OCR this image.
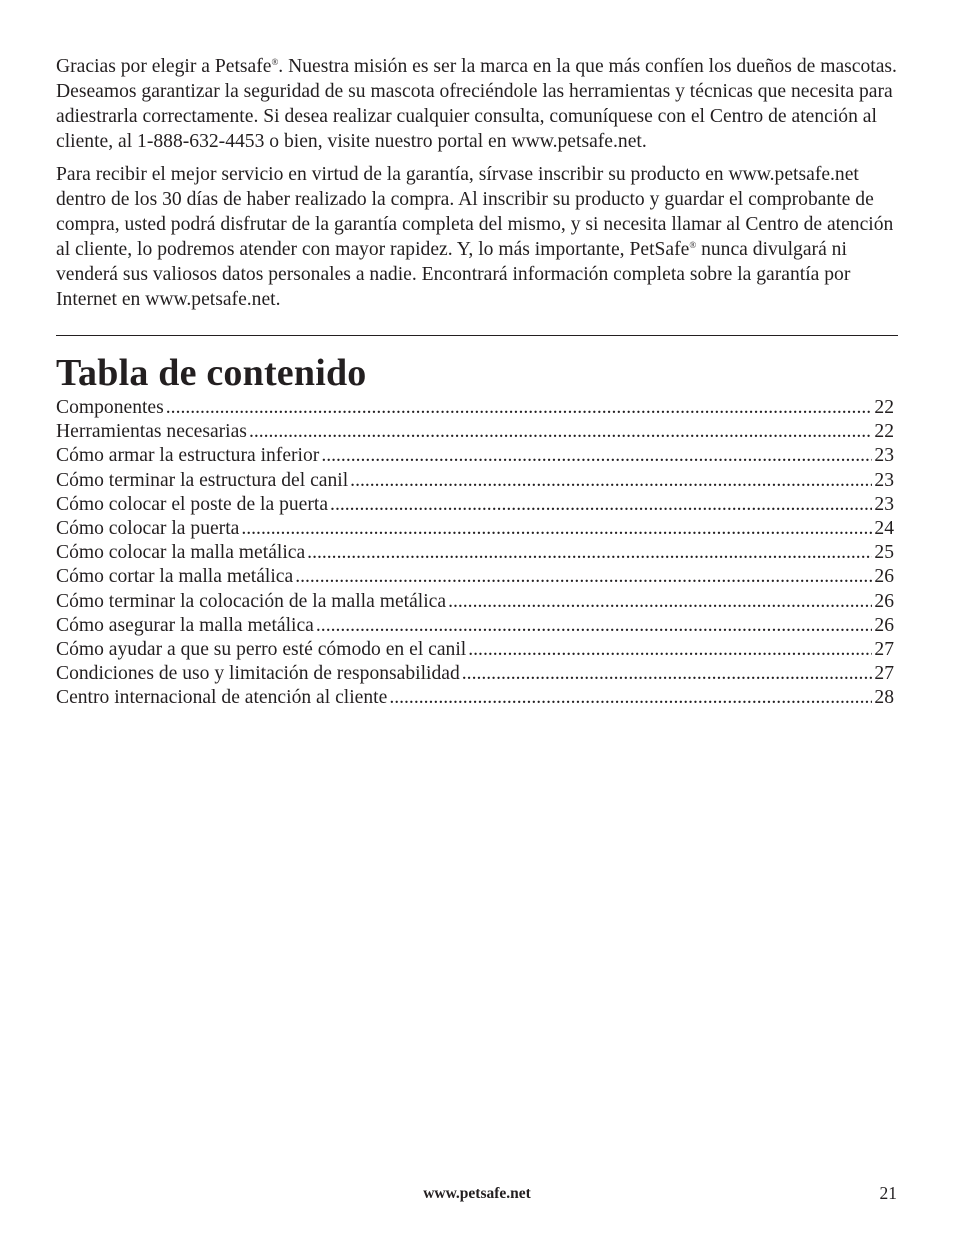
Gracias por elegir a Petsafe®. Nuestra misión es ser la marca en la que más confíen los dueños de mascotas. Deseamos garantizar la seguridad de su mascota ofreciéndole las herramientas y técnicas que necesita para adiestrarla correctamente. Si desea realizar cualquier consulta, comuníquese con el Centro de atención al cliente, al 1-888-632-4453 o bien, visite nuestro portal en www.petsafe.net.

Para recibir el mejor servicio en virtud de la garantía, sírvase inscribir su producto en www.petsafe.net dentro de los 30 días de haber realizado la compra. Al inscribir su producto y guardar el comprobante de compra, usted podrá disfrutar de la garantía completa del mismo, y si necesita llamar al Centro de atención al cliente, lo podremos atender con mayor rapidez. Y, lo más importante, PetSafe® nunca divulgará ni venderá sus valiosos datos personales a nadie. Encontrará información completa sobre la garantía por Internet en www.petsafe.net.

Tabla de contenido
Componentes .....	22
Herramientas necesarias .....	22
Cómo armar la estructura inferior .....	23
Cómo terminar la estructura del canil .....	23
Cómo colocar el poste de la puerta .....	23
Cómo colocar la puerta .....	24
Cómo colocar la malla metálica .....	25
Cómo cortar la malla metálica .....	26
Cómo terminar la colocación de la malla metálica .....	26
Cómo asegurar la malla metálica .....	26
Cómo ayudar a que su perro esté cómodo en el canil .....	27
Condiciones de uso y limitación de responsabilidad .....	27
Centro internacional de atención al cliente .....	28
www.petsafe.net	21
